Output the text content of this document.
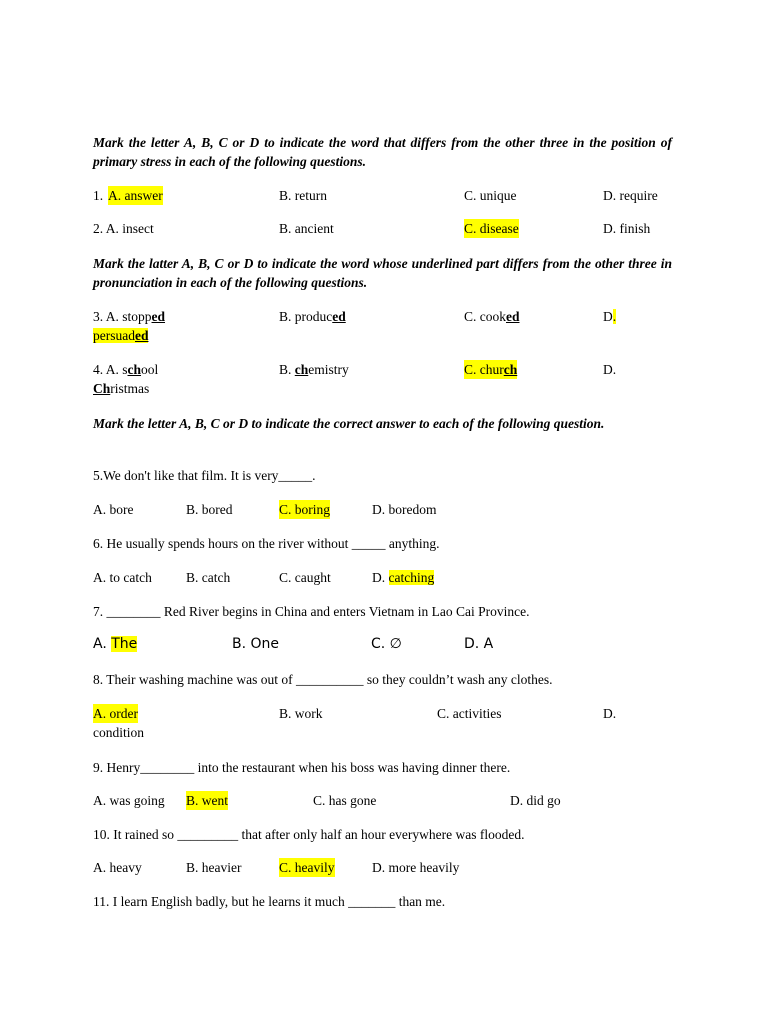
Mark the letter A, B, C or D to indicate the word that differs from the other three in the position of primary stress in each of the following questions.

1. A. answer	B. return	C. unique	D. require
2. A. insect	B. ancient	C. disease	D. finish

Mark the latter A, B, C or D to indicate the word whose underlined part differs from the other three in pronunciation in each of the following questions.

3. A. stopped	B. produced	C. cooked	D.
persuaded
4. A. school	B. chemistry	C. church	D.
Christmas

Mark the letter A, B, C or D to indicate the correct answer to each of the following question.

5.We don't like that film. It is very_____.
A. bore	B. bored	C. boring	D. boredom
6. He usually spends hours on the river without _____ anything.
A. to catch	B. catch	C. caught	D. catching
7. ________ Red River begins in China and enters Vietnam in Lao Cai Province.
A. The	B. One	C. ∅	D. A
8. Their washing machine was out of __________ so they couldn’t wash any clothes.
A. order	B. work	C. activities	D.
condition
9. Henry________ into the restaurant when his boss was having dinner there.
A. was going B. went	C. has gone	D. did go
10. It rained so _________ that after only half an hour everywhere was flooded.
A. heavy	B. heavier	C. heavily	D. more heavily
11. I learn English badly, but he learns it much _______ than me.
